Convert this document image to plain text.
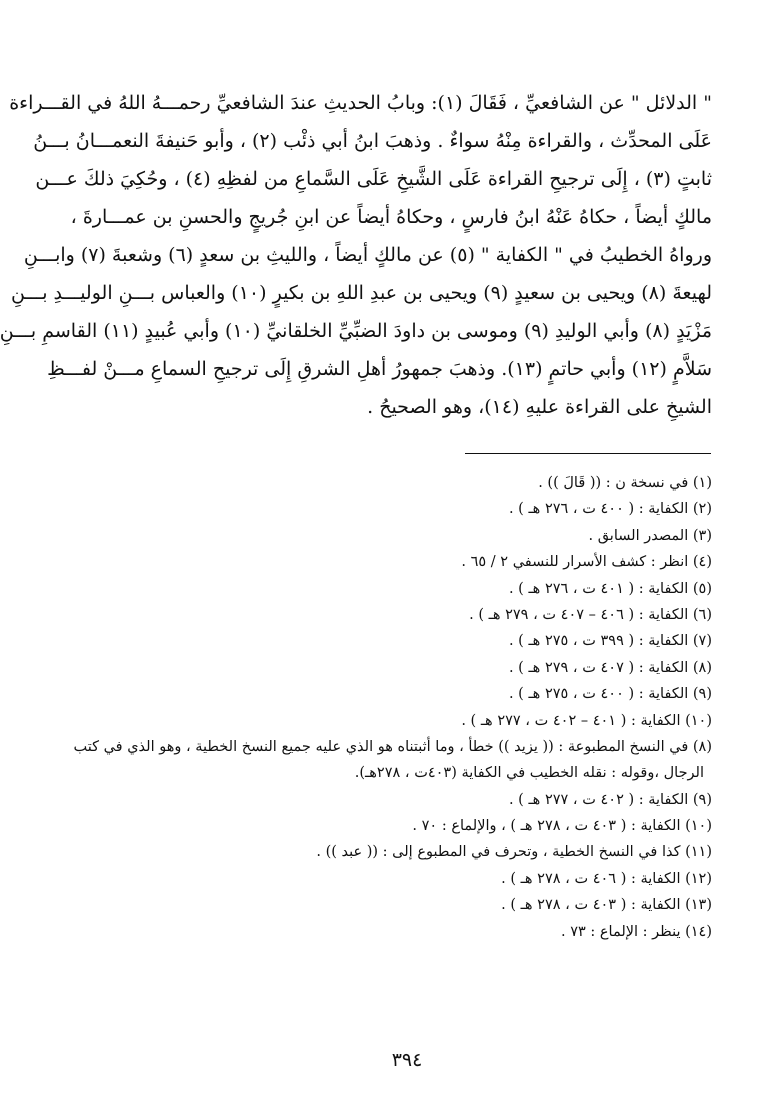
" الدلائل " عن الشافعيِّ ، فَقَالَ (١): وبابُ الحديثِ عندَ الشافعيِّ رحمـــهُ اللهُ في القـــراءة
عَلَى المحدِّث ، والقراءة مِنْهُ سواءٌ . وذهبَ ابنُ أبي ذئْب (٢) ، وأبو حَنيفةَ النعمـــانُ بـــنُ
ثابتٍ (٣) ، إِلَى ترجيحِ القراءة عَلَى الشَّيخِ عَلَى السَّماعِ من لفظِهِ (٤) ، وحُكِيَ ذلكَ عـــن
مالكٍ أيضاً ، حكاهُ عَنْهُ ابنُ فارسٍ ، وحكاهُ أيضاً عن ابنِ جُريجٍ والحسنِ بن عمـــارةَ ،
ورواهُ الخطيبُ في " الكفاية " (٥) عن مالكٍ أيضاً ، والليثِ بن سعدٍ (٦) وشعبةَ (٧) وابـــنِ
لهيعةَ (٨) ويحيى بن سعيدٍ (٩) ويحيى بن عبدِ اللهِ بن بكيرٍ (١٠) والعباس بـــنِ الوليـــدِ بـــنِ
مَزْيَدٍ (٨) وأبي الوليدِ (٩) وموسى بن داودَ الضبِّيِّ الخلقانيِّ (١٠) وأبي عُبيدٍ (١١) القاسمِ بـــنِ
سَلاَّمٍ (١٢) وأبي حاتمٍ (١٣). وذهبَ جمهورُ أهلِ الشرقِ إِلَى ترجيحِ السماعِ مـــنْ لفـــظِ
الشيخِ على القراءة عليهِ (١٤)، وهو الصحيحُ .
(١) في نسخة ن : (( قَالَ )) .
(٢) الكفاية : ( ٤٠٠ ت ، ٢٧٦ هـ ) .
(٣) المصدر السابق .
(٤) انظر : كشف الأسرار للنسفي ٢ / ٦٥ .
(٥) الكفاية : ( ٤٠١ ت ، ٢٧٦ هـ ) .
(٦) الكفاية : ( ٤٠٦ – ٤٠٧ ت ، ٢٧٩ هـ ) .
(٧) الكفاية : ( ٣٩٩ ت ، ٢٧٥ هـ ) .
(٨) الكفاية : ( ٤٠٧ ت ، ٢٧٩ هـ ) .
(٩) الكفاية : ( ٤٠٠ ت ، ٢٧٥ هـ ) .
(١٠) الكفاية : ( ٤٠١ – ٤٠٢ ت ، ٢٧٧ هـ ) .
(٨) في النسخ المطبوعة : (( يزيد )) خطأ ، وما أثبتناه هو الذي عليه جميع النسخ الخطية ، وهو الذي في كتب
الرجال ،وقوله : نقله الخطيب في الكفاية (٤٠٣ت ، ٢٧٨هـ).
(٩) الكفاية : ( ٤٠٢ ت ، ٢٧٧ هـ ) .
(١٠) الكفاية : ( ٤٠٣ ت ، ٢٧٨ هـ ) ، والإلماع : ٧٠ .
(١١) كذا في النسخ الخطية ، وتحرف في المطبوع إلى : (( عبد )) .
(١٢) الكفاية : ( ٤٠٦ ت ، ٢٧٨ هـ ) .
(١٣) الكفاية : ( ٤٠٣ ت ، ٢٧٨ هـ ) .
(١٤) ينظر : الإلماع : ٧٣ .
٣٩٤
